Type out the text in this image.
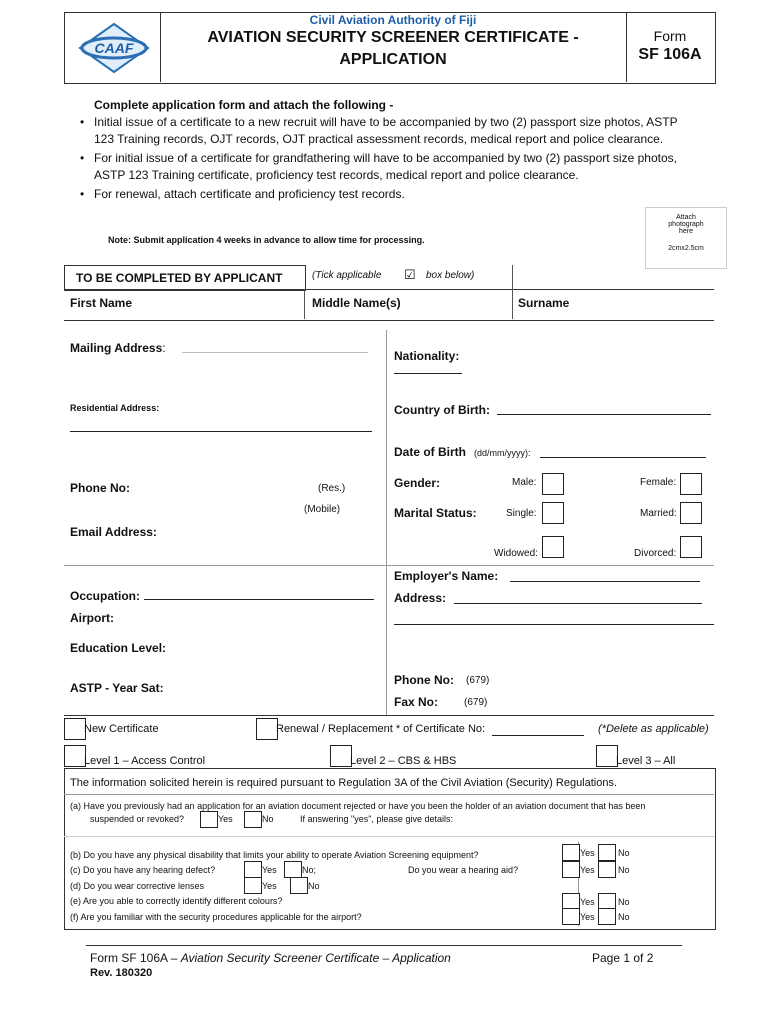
CAAF
Civil Aviation Authority of Fiji
AVIATION SECURITY SCREENER CERTIFICATE -
APPLICATION
Form
SF 106A
Complete application form and attach the following -
• Initial issue of a certificate to a new recruit will have to be accompanied by two (2) passport size photos, ASTP 123 Training records, OJT records, OJT practical assessment records, medical report and police clearance.
• For initial issue of a certificate for grandfathering will have to be accompanied by two (2) passport size photos, ASTP 123 Training certificate, proficiency test records, medical report and police clearance.
• For renewal, attach certificate and proficiency test records.
Note: Submit application 4 weeks in advance to allow time for processing.
Attach
photograph
here
2cmx2.5cm
TO BE COMPLETED BY APPLICANT	(Tick applicable ☑ box below)
First Name	Middle Name(s)	Surname
Mailing Address:
Nationality:
Residential Address:	Country of Birth:
Date of Birth (dd/mm/yyyy):
Phone No:	(Res.)
(Mobile)
Gender:	Male:	Female:
Marital Status:	Single:	Married:
Widowed:	Divorced:
Email Address:
Employer's Name:
Occupation:	Address:
Airport:
Education Level:
Phone No: (679)
ASTP - Year Sat:
Fax No:	(679)
New Certificate	Renewal / Replacement * of Certificate No:	(*Delete as applicable)
Level 1 – Access Control	Level 2 – CBS & HBS	Level 3 – All
The information solicited herein is required pursuant to Regulation 3A of the Civil Aviation (Security) Regulations.
(a) Have you previously had an application for an aviation document rejected or have you been the holder of an aviation document that has been
suspended or revoked?	Yes	No	If answering "yes", please give details:
(b) Do you have any physical disability that limits your ability to operate Aviation Screening equipment?	Yes	No
(c) Do you have any hearing defect?	Yes	No;	Do you wear a hearing aid?	Yes	No
(d) Do you wear corrective lenses	Yes	No
(e) Are you able to correctly identify different colours?	Yes	No
(f) Are you familiar with the security procedures applicable for the airport?	Yes	No
Form SF 106A – Aviation Security Screener Certificate – Application
Rev. 180320
Page 1 of 2
